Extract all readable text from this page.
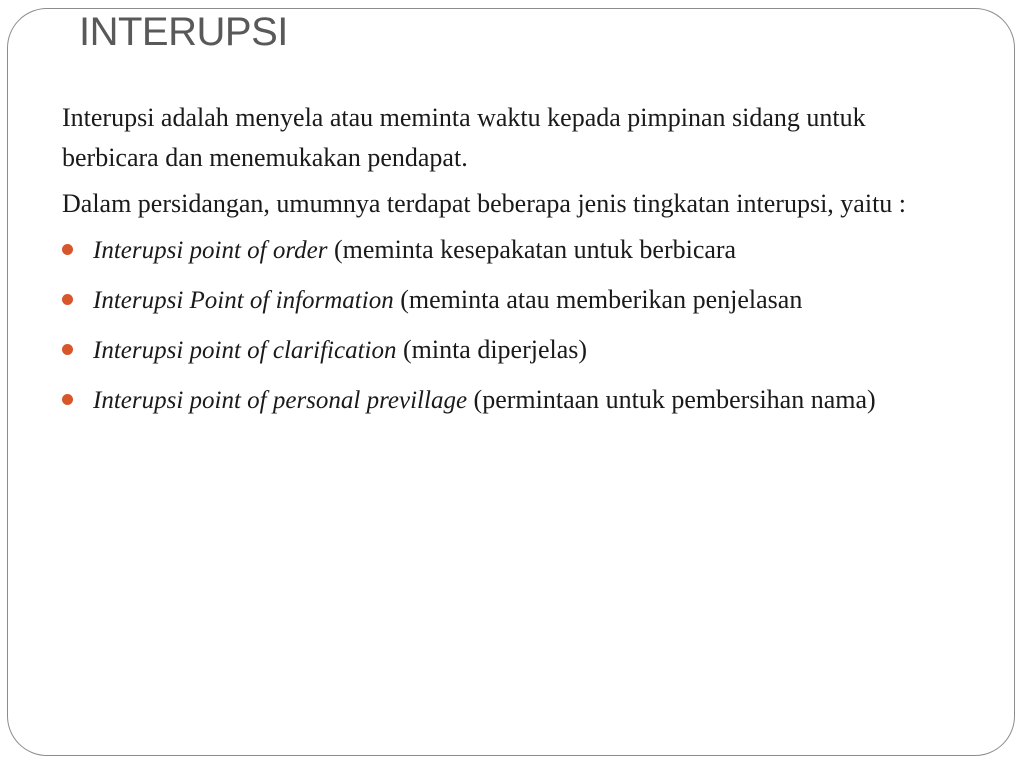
INTERUPSI

Interupsi adalah menyela atau meminta waktu kepada pimpinan sidang untuk berbicara dan menemukakan pendapat.

Dalam persidangan, umumnya terdapat beberapa jenis tingkatan interupsi, yaitu :

Interupsi point of order (meminta kesepakatan untuk berbicara
Interupsi Point of information (meminta atau memberikan penjelasan
Interupsi point of clarification (minta diperjelas)
Interupsi point of personal previllage (permintaan untuk pembersihan nama)
